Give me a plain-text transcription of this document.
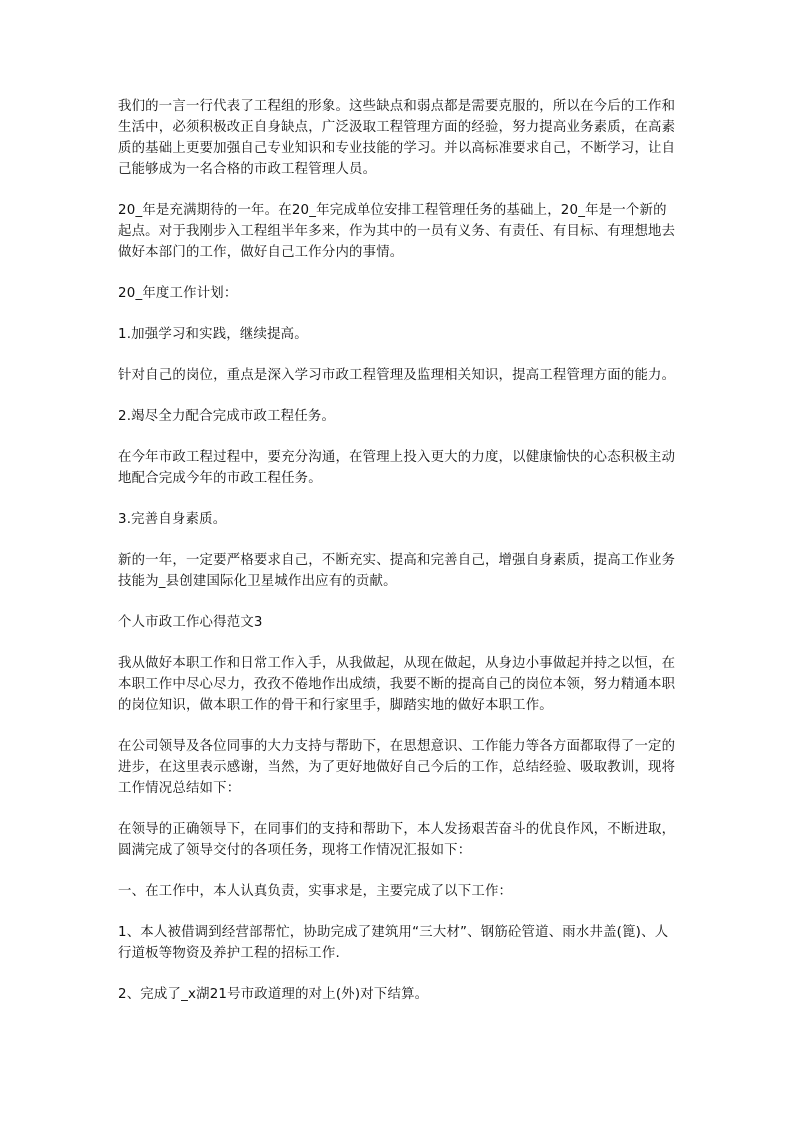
我们的一言一行代表了工程组的形象。这些缺点和弱点都是需要克服的，所以在今后的工作和生活中，必须积极改正自身缺点，广泛汲取工程管理方面的经验，努力提高业务素质，在高素质的基础上更要加强自己专业知识和专业技能的学习。并以高标准要求自己，不断学习，让自己能够成为一名合格的市政工程管理人员。

20_年是充满期待的一年。在20_年完成单位安排工程管理任务的基础上，20_年是一个新的起点。对于我刚步入工程组半年多来，作为其中的一员有义务、有责任、有目标、有理想地去做好本部门的工作，做好自己工作分内的事情。

20_年度工作计划：

1.加强学习和实践，继续提高。

针对自己的岗位，重点是深入学习市政工程管理及监理相关知识，提高工程管理方面的能力。

2.竭尽全力配合完成市政工程任务。

在今年市政工程过程中，要充分沟通，在管理上投入更大的力度，以健康愉快的心态积极主动地配合完成今年的市政工程任务。

3.完善自身素质。

新的一年，一定要严格要求自己，不断充实、提高和完善自己，增强自身素质，提高工作业务技能为_县创建国际化卫星城作出应有的贡献。

个人市政工作心得范文3

我从做好本职工作和日常工作入手，从我做起，从现在做起，从身边小事做起并持之以恒，在本职工作中尽心尽力，孜孜不倦地作出成绩，我要不断的提高自己的岗位本领，努力精通本职的岗位知识，做本职工作的骨干和行家里手，脚踏实地的做好本职工作。

在公司领导及各位同事的大力支持与帮助下，在思想意识、工作能力等各方面都取得了一定的进步，在这里表示感谢，当然，为了更好地做好自己今后的工作，总结经验、吸取教训，现将工作情况总结如下：

在领导的正确领导下，在同事们的支持和帮助下，本人发扬艰苦奋斗的优良作风，不断进取，圆满完成了领导交付的各项任务，现将工作情况汇报如下：

一、在工作中，本人认真负责，实事求是，主要完成了以下工作：

1、本人被借调到经营部帮忙，协助完成了建筑用“三大材”、钢筋砼管道、雨水井盖(篦)、人行道板等物资及养护工程的招标工作.

2、完成了_x湖21号市政道理的对上(外)对下结算。
